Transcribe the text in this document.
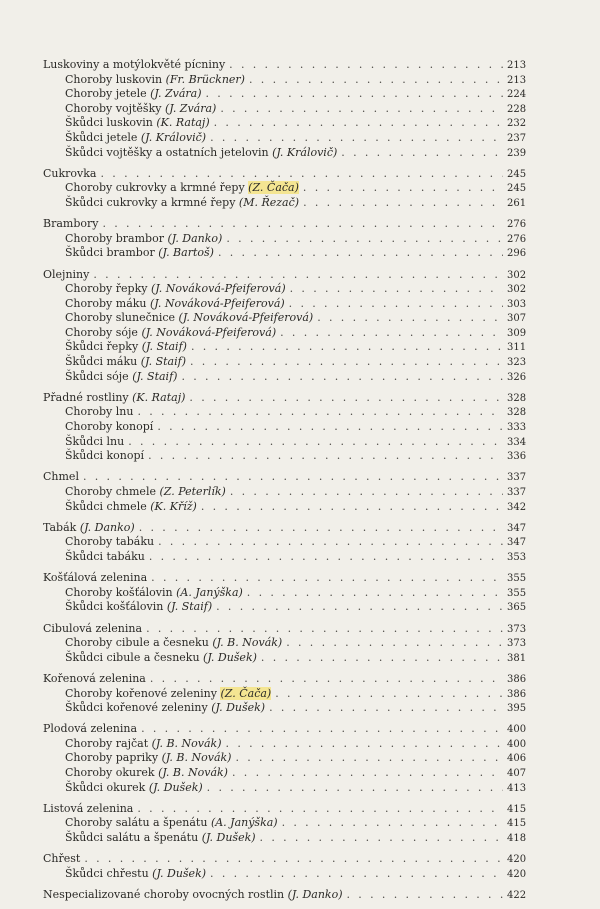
Luskoviny a motýlokvěté pícniny . . .	213
Choroby luskovin (Fr. Brückner) . . .	213
Choroby jetele (J. Zvára) . . .	224
Choroby vojtěšky (J. Zvára) . . .	228
Škůdci luskovin (K. Rataj) . . .	232
Škůdci jetele (J. Královič) . . .	237
Škůdci vojtěšky a ostatních jetelovin (J. Královič) . . .	239
Cukrovka . . .	245
Choroby cukrovky a krmné řepy (Z. Čača) . . .	245
Škůdci cukrovky a krmné řepy (M. Řezač) . . .	261
Brambory . . .	276
Choroby brambor (J. Danko) . . .	276
Škůdci brambor (J. Bartoš) . . .	296
Olejniny . . .	302
Choroby řepky (J. Nováková-Pfeiferová) . . .	302
Choroby máku (J. Nováková-Pfeiferová) . . .	303
Choroby slunečnice (J. Nováková-Pfeiferová) . . .	307
Choroby sóje (J. Nováková-Pfeiferová) . . .	309
Škůdci řepky (J. Staif) . . .	311
Škůdci máku (J. Staif) . . .	323
Škůdci sóje (J. Staif) . . .	326
Přadné rostliny (K. Rataj) . . .	328
Choroby lnu . . .	328
Choroby konopí . . .	333
Škůdci lnu . . .	334
Škůdci konopí . . .	336
Chmel . . .	337
Choroby chmele (Z. Peterlík) . . .	337
Škůdci chmele (K. Kříž) . . .	342
Tabák (J. Danko) . . .	347
Choroby tabáku . . .	347
Škůdci tabáku . . .	353
Košťálová zelenina . . .	355
Choroby košťálovin (A. Janýška) . . .	355
Škůdci košťálovin (J. Staif) . . .	365
Cibulová zelenina . . .	373
Choroby cibule a česneku (J. B. Novák) . . .	373
Škůdci cibule a česneku (J. Dušek) . . .	381
Kořenová zelenina . . .	386
Choroby kořenové zeleniny (Z. Čača) . . .	386
Škůdci kořenové zeleniny (J. Dušek) . . .	395
Plodová zelenina . . .	400
Choroby rajčat (J. B. Novák) . . .	400
Choroby papriky (J. B. Novák) . . .	406
Choroby okurek (J. B. Novák) . . .	407
Škůdci okurek (J. Dušek) . . .	413
Listová zelenina . . .	415
Choroby salátu a špenátu (A. Janýška) . . .	415
Škůdci salátu a špenátu (J. Dušek) . . .	418
Chřest . . .	420
Škůdci chřestu (J. Dušek) . . .	420
Nespecializované choroby ovocných rostlin (J. Danko) . . .	422
